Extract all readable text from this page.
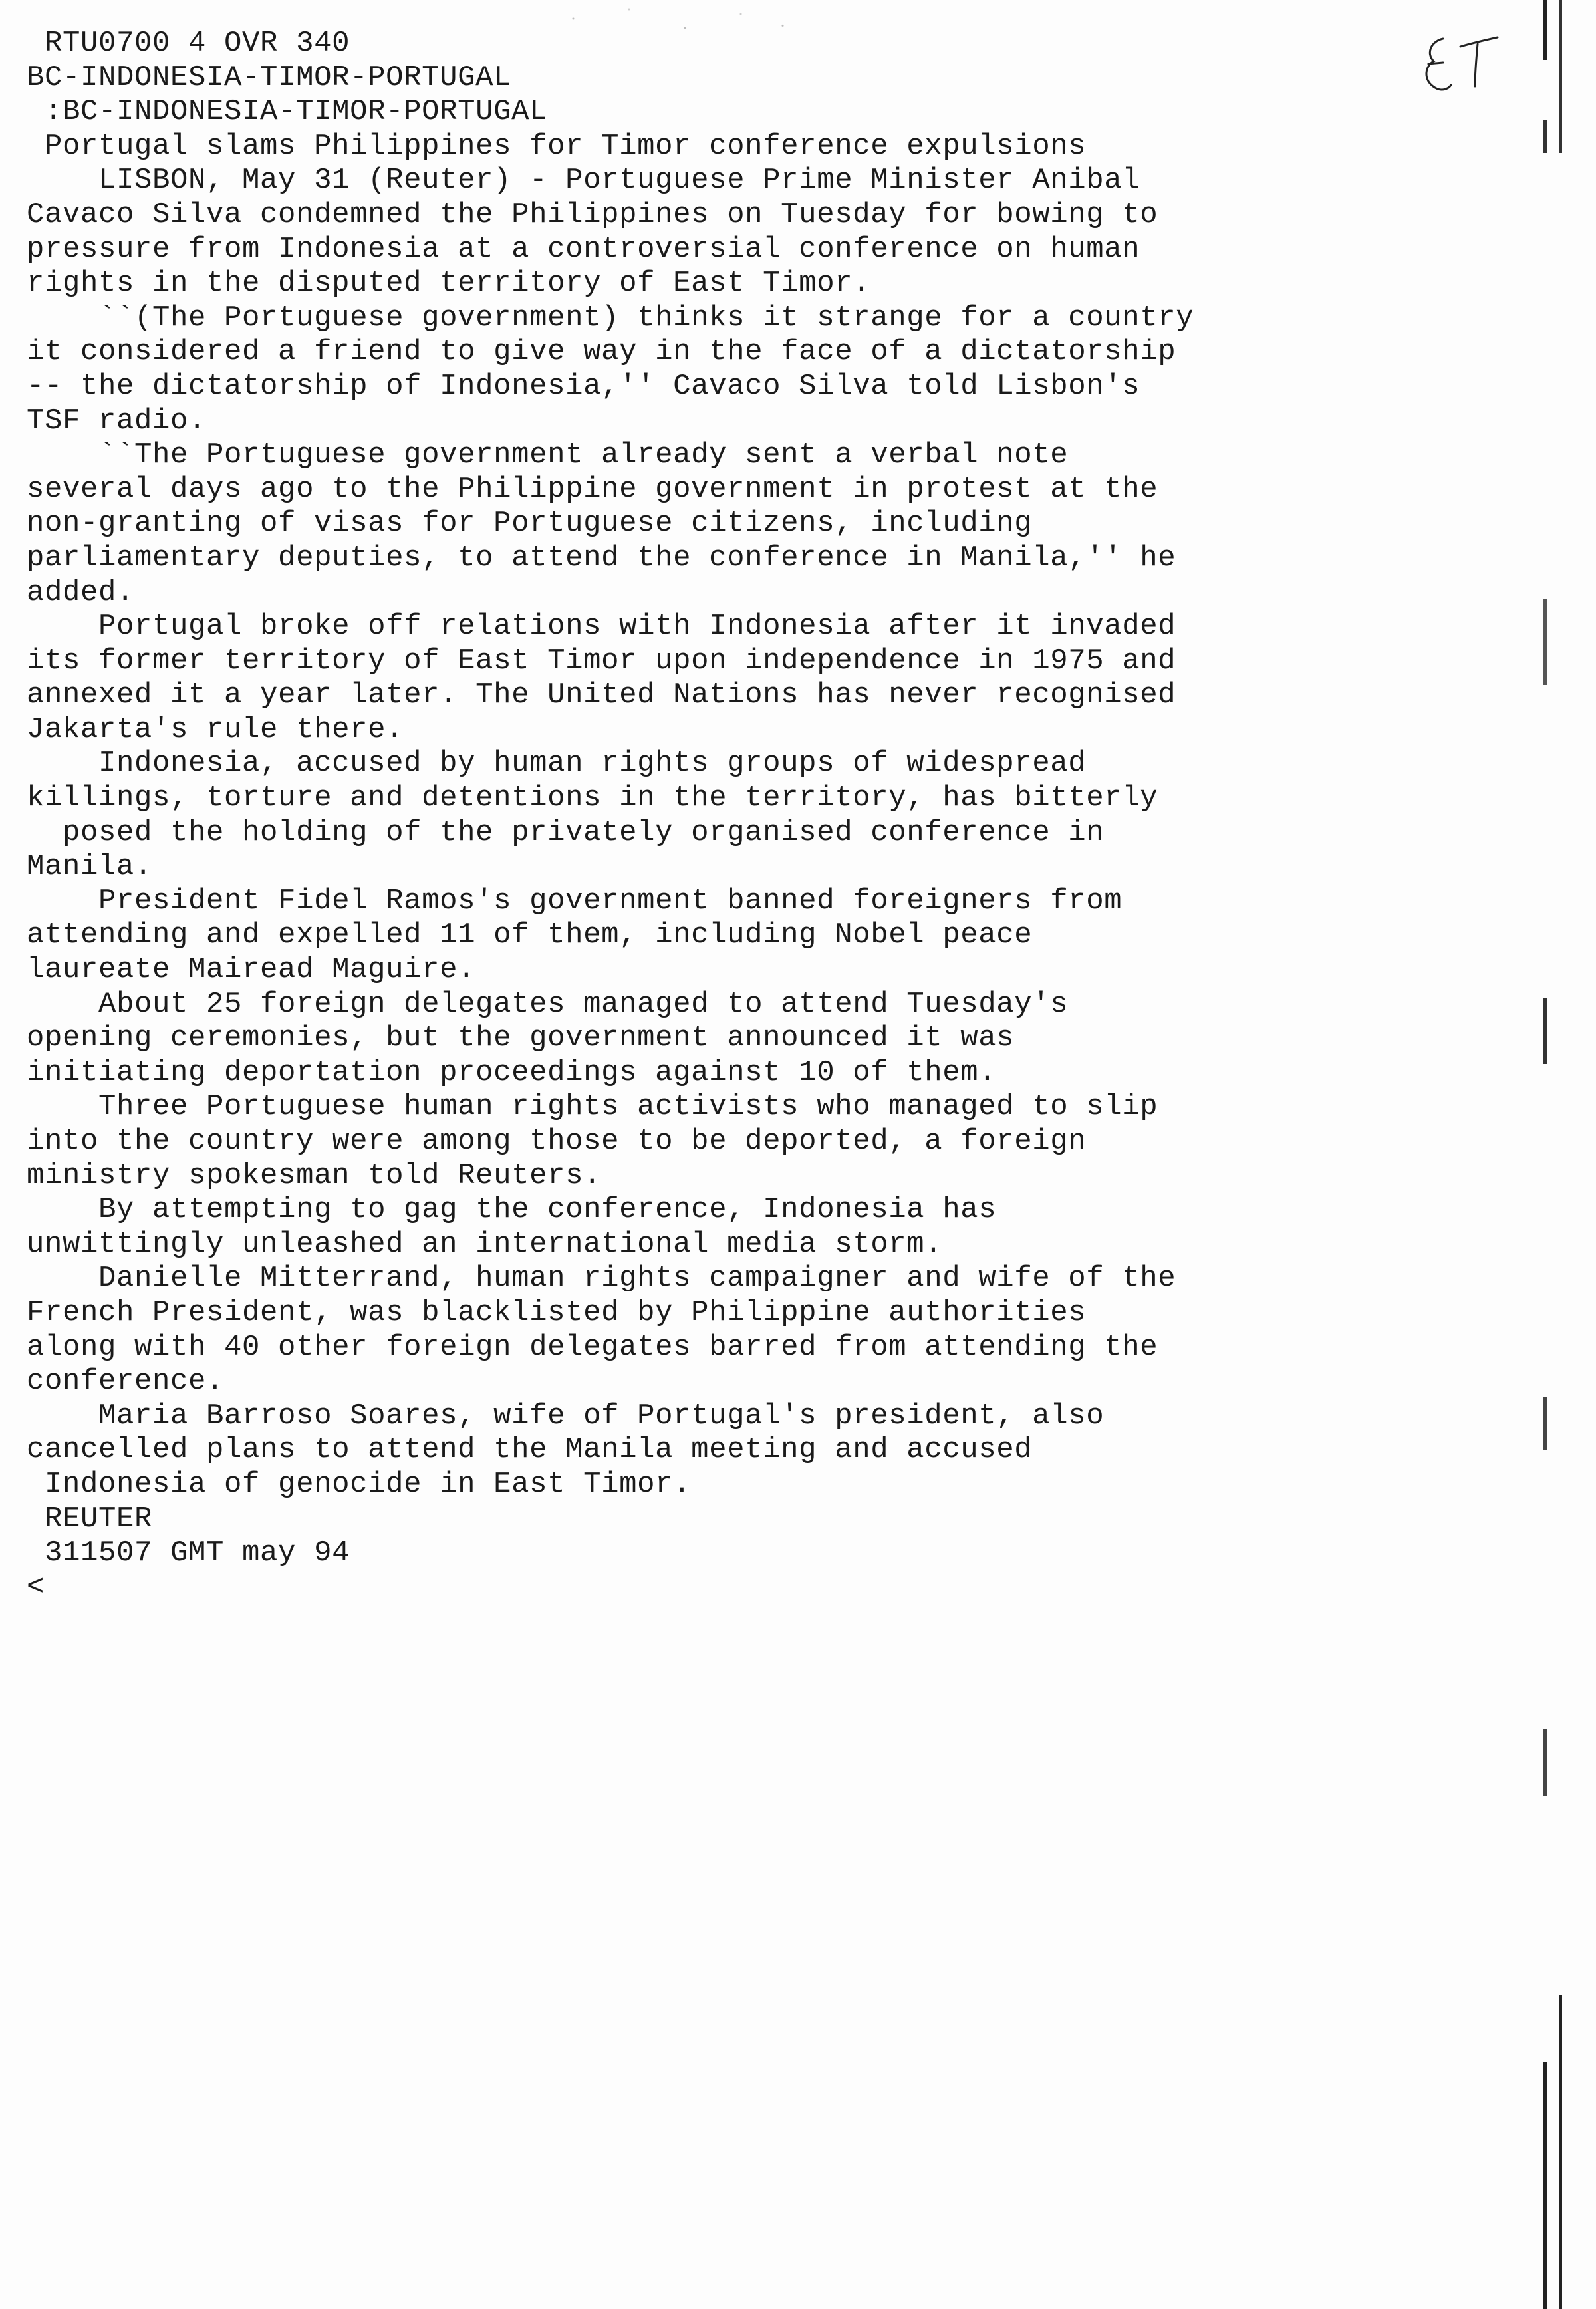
RTU0700 4 OVR 340
BC-INDONESIA-TIMOR-PORTUGAL
:BC-INDONESIA-TIMOR-PORTUGAL
Portugal slams Philippines for Timor conference expulsions
LISBON, May 31 (Reuter) - Portuguese Prime Minister Anibal
Cavaco Silva condemned the Philippines on Tuesday for bowing to
pressure from Indonesia at a controversial conference on human
rights in the disputed territory of East Timor.
``(The Portuguese government) thinks it strange for a country
it considered a friend to give way in the face of a dictatorship
-- the dictatorship of Indonesia,'' Cavaco Silva told Lisbon's
TSF radio.
``The Portuguese government already sent a verbal note
several days ago to the Philippine government in protest at the
non-granting of visas for Portuguese citizens, including
parliamentary deputies, to attend the conference in Manila,'' he
added.
Portugal broke off relations with Indonesia after it invaded
its former territory of East Timor upon independence in 1975 and
annexed it a year later. The United Nations has never recognised
Jakarta's rule there.
Indonesia, accused by human rights groups of widespread
killings, torture and detentions in the territory, has bitterly
posed the holding of the privately organised conference in
Manila.
President Fidel Ramos's government banned foreigners from
attending and expelled 11 of them, including Nobel peace
laureate Mairead Maguire.
About 25 foreign delegates managed to attend Tuesday's
opening ceremonies, but the government announced it was
initiating deportation proceedings against 10 of them.
Three Portuguese human rights activists who managed to slip
into the country were among those to be deported, a foreign
ministry spokesman told Reuters.
By attempting to gag the conference, Indonesia has
unwittingly unleashed an international media storm.
Danielle Mitterrand, human rights campaigner and wife of the
French President, was blacklisted by Philippine authorities
along with 40 other foreign delegates barred from attending the
conference.
Maria Barroso Soares, wife of Portugal's president, also
cancelled plans to attend the Manila meeting and accused
Indonesia of genocide in East Timor.
REUTER
311507 GMT may 94
<
